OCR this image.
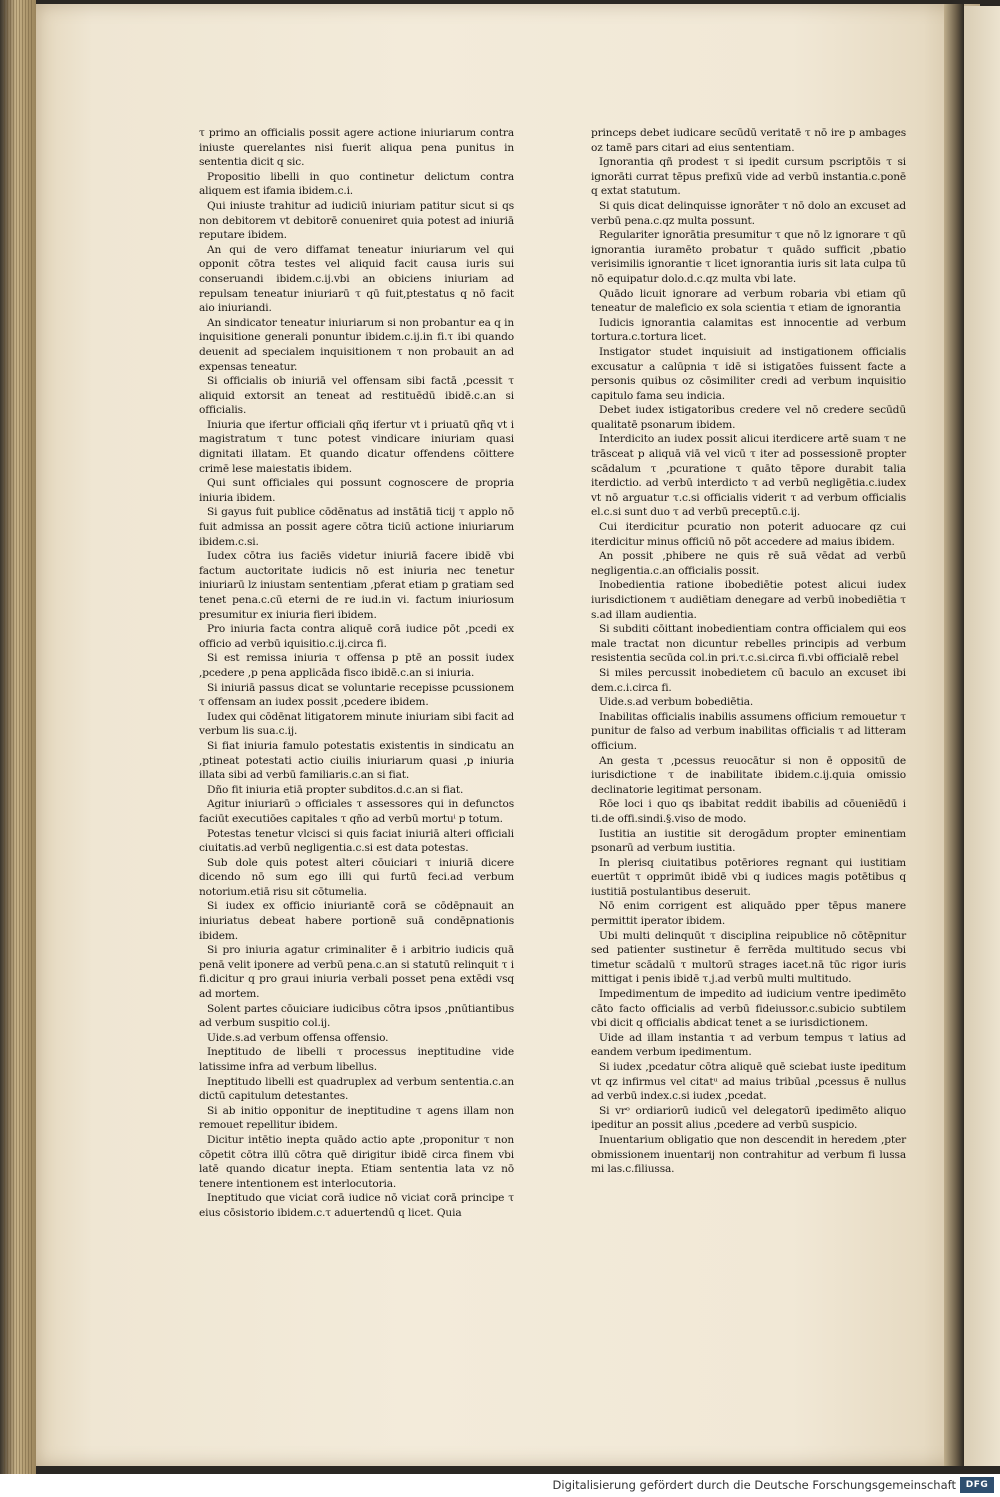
τ primo an officialis possit agere actione iniuriarum contra iniuste querelantes nisi fuerit aliqua pena punitus in sententia dicit q sic.

Propositio libelli in quo continetur delictum contra aliquem est ifamia ibidem.c.i.

Qui iniuste trahitur ad iudiciū iniuriam patitur sicut si qs non debitorem vt debitorē conueniret quia potest ad iniuriā reputare ibidem.

An qui de vero diffamat teneatur iniuriarum vel qui opponit cōtra testes vel aliquid facit causa iuris sui conseruandi ibidem.c.ij.vbi an obiciens iniuriam ad repulsam teneatur iniuriarū τ qū fuit,ptestatus q nō facit aio iniuriandi.

An sindicator teneatur iniuriarum si non probantur ea q in inquisitione generali ponuntur ibidem.c.ij.in fi.τ ibi quando deuenit ad specialem inquisitionem τ non probauit an ad expensas teneatur.

Si officialis ob iniuriā vel offensam sibi factā ,pcessit τ aliquid extorsit an teneat ad restituēdū ibidē.c.an si officialis.

Iniuria que ifertur officiali qñq ifertur vt i priuatū qñq vt i magistratum τ tunc potest vindicare iniuriam quasi dignitati illatam. Et quando dicatur offendens cōittere crimē lese maiestatis ibidem.

Qui sunt officiales qui possunt cognoscere de propria iniuria ibidem.

Si gayus fuit publice cōdēnatus ad instātiā ticij τ applo nō fuit admissa an possit agere cōtra ticiū actione iniuriarum ibidem.c.si.

Iudex cōtra ius faciēs videtur iniuriā facere ibidē vbi factum auctoritate iudicis nō est iniuria nec tenetur iniuriarū lz iniustam sententiam ,pferat etiam p gratiam sed tenet pena.c.cū eterni de re iud.in vi. factum iniuriosum presumitur ex iniuria fieri ibidem.

Pro iniuria facta contra aliquē corā iudice pōt ,pcedi ex officio ad verbū iquisitio.c.ij.circa fi.

Si est remissa iniuria τ offensa p ptē an possit iudex ,pcedere ,p pena applicāda fisco ibidē.c.an si iniuria.

Si iniuriā passus dicat se voluntarie recepisse pcussionem τ offensam an iudex possit ,pcedere ibidem.

Iudex qui cōdēnat litigatorem minute iniuriam sibi facit ad verbum lis sua.c.ij.

Si fiat iniuria famulo potestatis existentis in sindicatu an ,ptineat potestati actio ciuilis iniuriarum quasi ,p iniuria illata sibi ad verbū familiaris.c.an si fiat.

Dño fit iniuria etiā propter subditos.d.c.an si fiat.

Agitur iniuriarū ɔ officiales τ assessores qui in defunctos faciūt executiōes capitales τ qño ad verbū mortuⁱ p totum.

Potestas tenetur vlcisci si quis faciat iniuriā alteri officiali ciuitatis.ad verbū negligentia.c.si est data potestas.

Sub dole quis potest alteri cōuiciari τ iniuriā dicere dicendo nō sum ego illi qui furtū feci.ad verbum notorium.etiā risu sit cōtumelia.

Si iudex ex officio iniuriantē corā se cōdēpnauit an iniuriatus debeat habere portionē suā condēpnationis ibidem.

Si pro iniuria agatur criminaliter ē i arbitrio iudicis quā penā velit iponere ad verbū pena.c.an si statutū relinquit τ i fi.dicitur q pro graui iniuria verbali posset pena extēdi vsq ad mortem.

Solent partes cōuiciare iudicibus cōtra ipsos ,pnūtiantibus ad verbum suspitio col.ij.

Uide.s.ad verbum offensa offensio.

Ineptitudo de libelli τ processus ineptitudine vide latissime infra ad verbum libellus.

Ineptitudo libelli est quadruplex ad verbum sententia.c.an dictū capitulum detestantes.

Si ab initio opponitur de ineptitudine τ agens illam non remouet repellitur ibidem.

Dicitur intētio inepta quādo actio apte ,proponitur τ non cōpetit cōtra illū cōtra quē dirigitur ibidē circa finem vbi latē quando dicatur inepta. Etiam sententia lata vz nō tenere intentionem est interlocutoria.

Ineptitudo que viciat corā iudice nō viciat corā principe τ eius cōsistorio ibidem.c.τ aduertendū q licet. Quia

princeps debet iudicare secūdū veritatē τ nō ire p ambages oz tamē pars citari ad eius sententiam.

Ignorantia qñ prodest τ si ipedit cursum pscriptōis τ si ignorāti currat tēpus prefixū vide ad verbū instantia.c.ponē q extat statutum.

Si quis dicat delinquisse ignorāter τ nō dolo an excuset ad verbū pena.c.qz multa possunt.

Regulariter ignorātia presumitur τ que nō lz ignorare τ qū ignorantia iuramēto probatur τ quādo sufficit ,pbatio verisimilis ignorantie τ licet ignorantia iuris sit lata culpa tū nō equipatur dolo.d.c.qz multa vbi late.

Quādo licuit ignorare ad verbum robaria vbi etiam qū teneatur de maleficio ex sola scientia τ etiam de ignorantia

Iudicis ignorantia calamitas est innocentie ad verbum tortura.c.tortura licet.

Instigator studet inquisiuit ad instigationem officialis excusatur a calūpnia τ idē si istigatōes fuissent facte a personis quibus oz cōsimiliter credi ad verbum inquisitio capitulo fama seu indicia.

Debet iudex istigatoribus credere vel nō credere secūdū qualitatē psonarum ibidem.

Interdicito an iudex possit alicui iterdicere artē suam τ ne trāsceat p aliquā viā vel vicū τ iter ad possessionē propter scādalum τ ,pcuratione τ quāto tēpore durabit talia iterdictio. ad verbū interdicto τ ad verbū negligētia.c.iudex vt nō arguatur τ.c.si officialis viderit τ ad verbum officialis el.c.si sunt duo τ ad verbū preceptū.c.ij.

Cui iterdicitur pcuratio non poterit aduocare qz cui iterdicitur minus officiū nō pōt accedere ad maius ibidem.

An possit ,phibere ne quis rē suā vēdat ad verbū negligentia.c.an officialis possit.

Inobedientia ratione ibobediētie potest alicui iudex iurisdictionem τ audiētiam denegare ad verbū inobediētia τ s.ad illam audientia.

Si subditi cōittant inobedientiam contra officialem qui eos male tractat non dicuntur rebelles principis ad verbum resistentia secūda col.in pri.τ.c.si.circa fi.vbi officialē rebel

Si miles percussit inobedietem cū baculo an excuset ibi dem.c.i.circa fi.

Uide.s.ad verbum bobediētia.

Inabilitas officialis inabilis assumens officium remouetur τ punitur de falso ad verbum inabilitas officialis τ ad litteram officium.

An gesta τ ,pcessus reuocātur si non ē oppositū de iurisdictione τ de inabilitate ibidem.c.ij.quia omissio declinatorie legitimat personam.

Rōe loci i quo qs ibabitat reddit ibabilis ad cōueniēdū i ti.de offi.sindi.§.viso de modo.

Iustitia an iustitie sit derogādum propter eminentiam psonarū ad verbum iustitia.

In plerisq ciuitatibus potēriores regnant qui iustitiam euertūt τ opprimūt ibidē vbi q iudices magis potētibus q iustitiā postulantibus deseruit.

Nō enim corrigent est aliquādo pper tēpus manere permittit iperator ibidem.

Ubi multi delinquūt τ disciplina reipublice nō cōtēpnitur sed patienter sustinetur ē ferrēda multitudo secus vbi timetur scādalū τ multorū strages iacet.nā tūc rigor iuris mittigat i penis ibidē τ.j.ad verbū multi multitudo.

Impedimentum de impedito ad iudicium ventre ipedimēto cāto facto officialis ad verbū fideiussor.c.subicio subtilem vbi dicit q officialis abdicat tenet a se iurisdictionem.

Uide ad illam instantia τ ad verbum tempus τ latius ad eandem verbum ipedimentum.

Si iudex ,pcedatur cōtra aliquē quē sciebat iuste ipeditum vt qz infirmus vel citatᵘ ad maius tribūal ,pcessus ē nullus ad verbū index.c.si iudex ,pcedat.

Si vrᵒ ordiariorū iudicū vel delegatorū ipedimēto aliquo ipeditur an possit alius ,pcedere ad verbū suspicio.

Inuentarium obligatio que non descendit in heredem ,pter obmissionem inuentarij non contrahitur ad verbum fi lussa mi las.c.filiussa.

Digitalisierung gefördert durch die Deutsche Forschungsgemeinschaft	DFG
